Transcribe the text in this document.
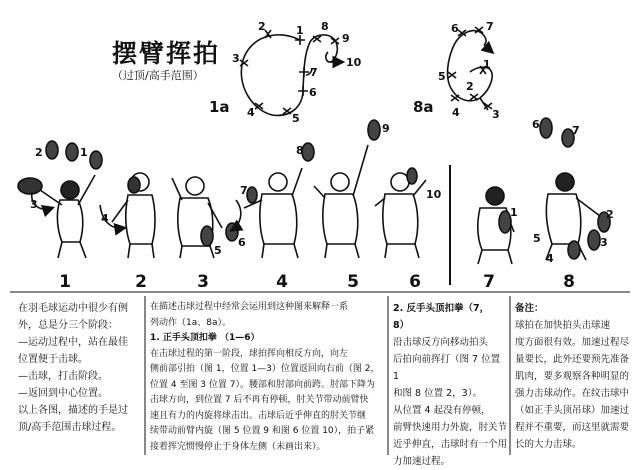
摆臂挥拍
（过顶/高手范围）
1
2
3
4	5
6
7
8
9
10
1a
1
2
3
4
5
6 7
8a
1
2
3
4
5
6
7
8
9
10
1	2
3
4
5
6	7
1	2	3	4	5	6	7	8

在羽毛球运动中很少有例

外，总是分三个阶段：

—运动过程中，站在最佳

位置便于击球。

—击球，打击阶段。

—返回到中心位置。

以上各图，描述的手是过

顶/高手范围击球过程。

在描述击球过程中经常会运用到这种图来解释一系

列动作（1a、8a）。

1. 正手头顶扣拳 （1—6）

在击球过程的第一阶段，球拍挥向相反方向，向左

侧前部引拍（图 1，位置 1—3）位置返回向右前（图 2，

位置 4 至图 3 位置 7）。腰部和肘部向前跨。肘部下降为

击球方向，到位置 7 后不再有停顿，肘关节带动前臂快

速且有力的内旋将球击出。击球后近乎伸直的肘关节继

续带动前臂内旋（图 5 位置 9 和图 6 位置 10），拍子紧

接着挥完惯慢停止于身体左侧（未画出来）。

2. 反手头顶扣拳（7，

8）

沿击球反方向移动拍头

后拍向前挥打（图 7 位置 1

和图 8 位置 2，3）。

从位置 4 起没有停顿，

前臂快速用力外旋，肘关节

近乎伸直，击球时有一个用

力加速过程。

备注：

球拍在加快拍头击球速

度方面很有效。加速过程尽

量要长，此外还要预先准备

肌肉，要多观察各种明显的

强力击球动作。在纹击球中

（如正手头顶吊球）加速过

程并不重要，而这里就需要

长的大力击球。
